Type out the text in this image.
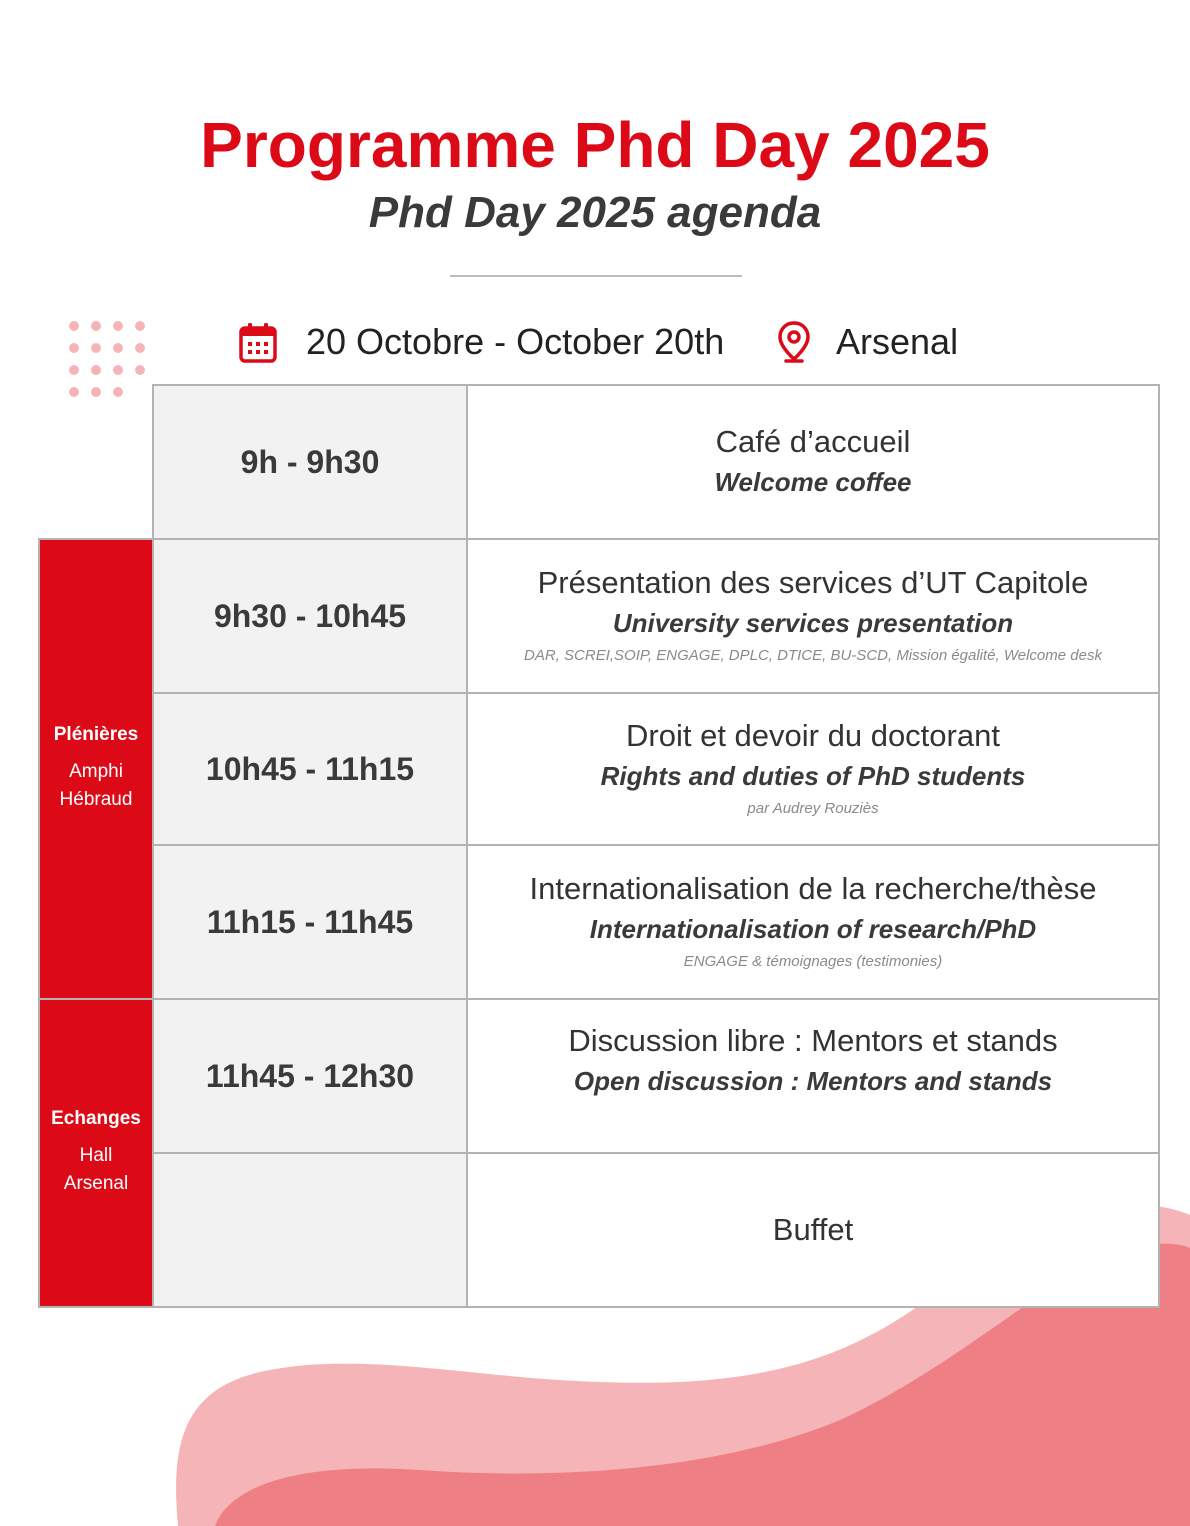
Programme Phd Day 2025
Phd Day 2025 agenda
20 Octobre - October 20th	Arsenal
Plénières
Amphi Hébraud
Echanges
Hall Arsenal
9h - 9h30
Café d’accueil
Welcome coffee
9h30 - 10h45
Présentation des services d’UT Capitole
University services presentation
DAR, SCREI,SOIP, ENGAGE, DPLC, DTICE, BU-SCD, Mission égalité, Welcome desk
10h45 - 11h15
Droit et devoir du doctorant
Rights and duties of PhD students
par Audrey Rouziès
11h15 - 11h45
Internationalisation de la recherche/thèse
Internationalisation of research/PhD
ENGAGE & témoignages (testimonies)
11h45 - 12h30
Discussion libre : Mentors et stands
Open discussion : Mentors and stands
Buffet
